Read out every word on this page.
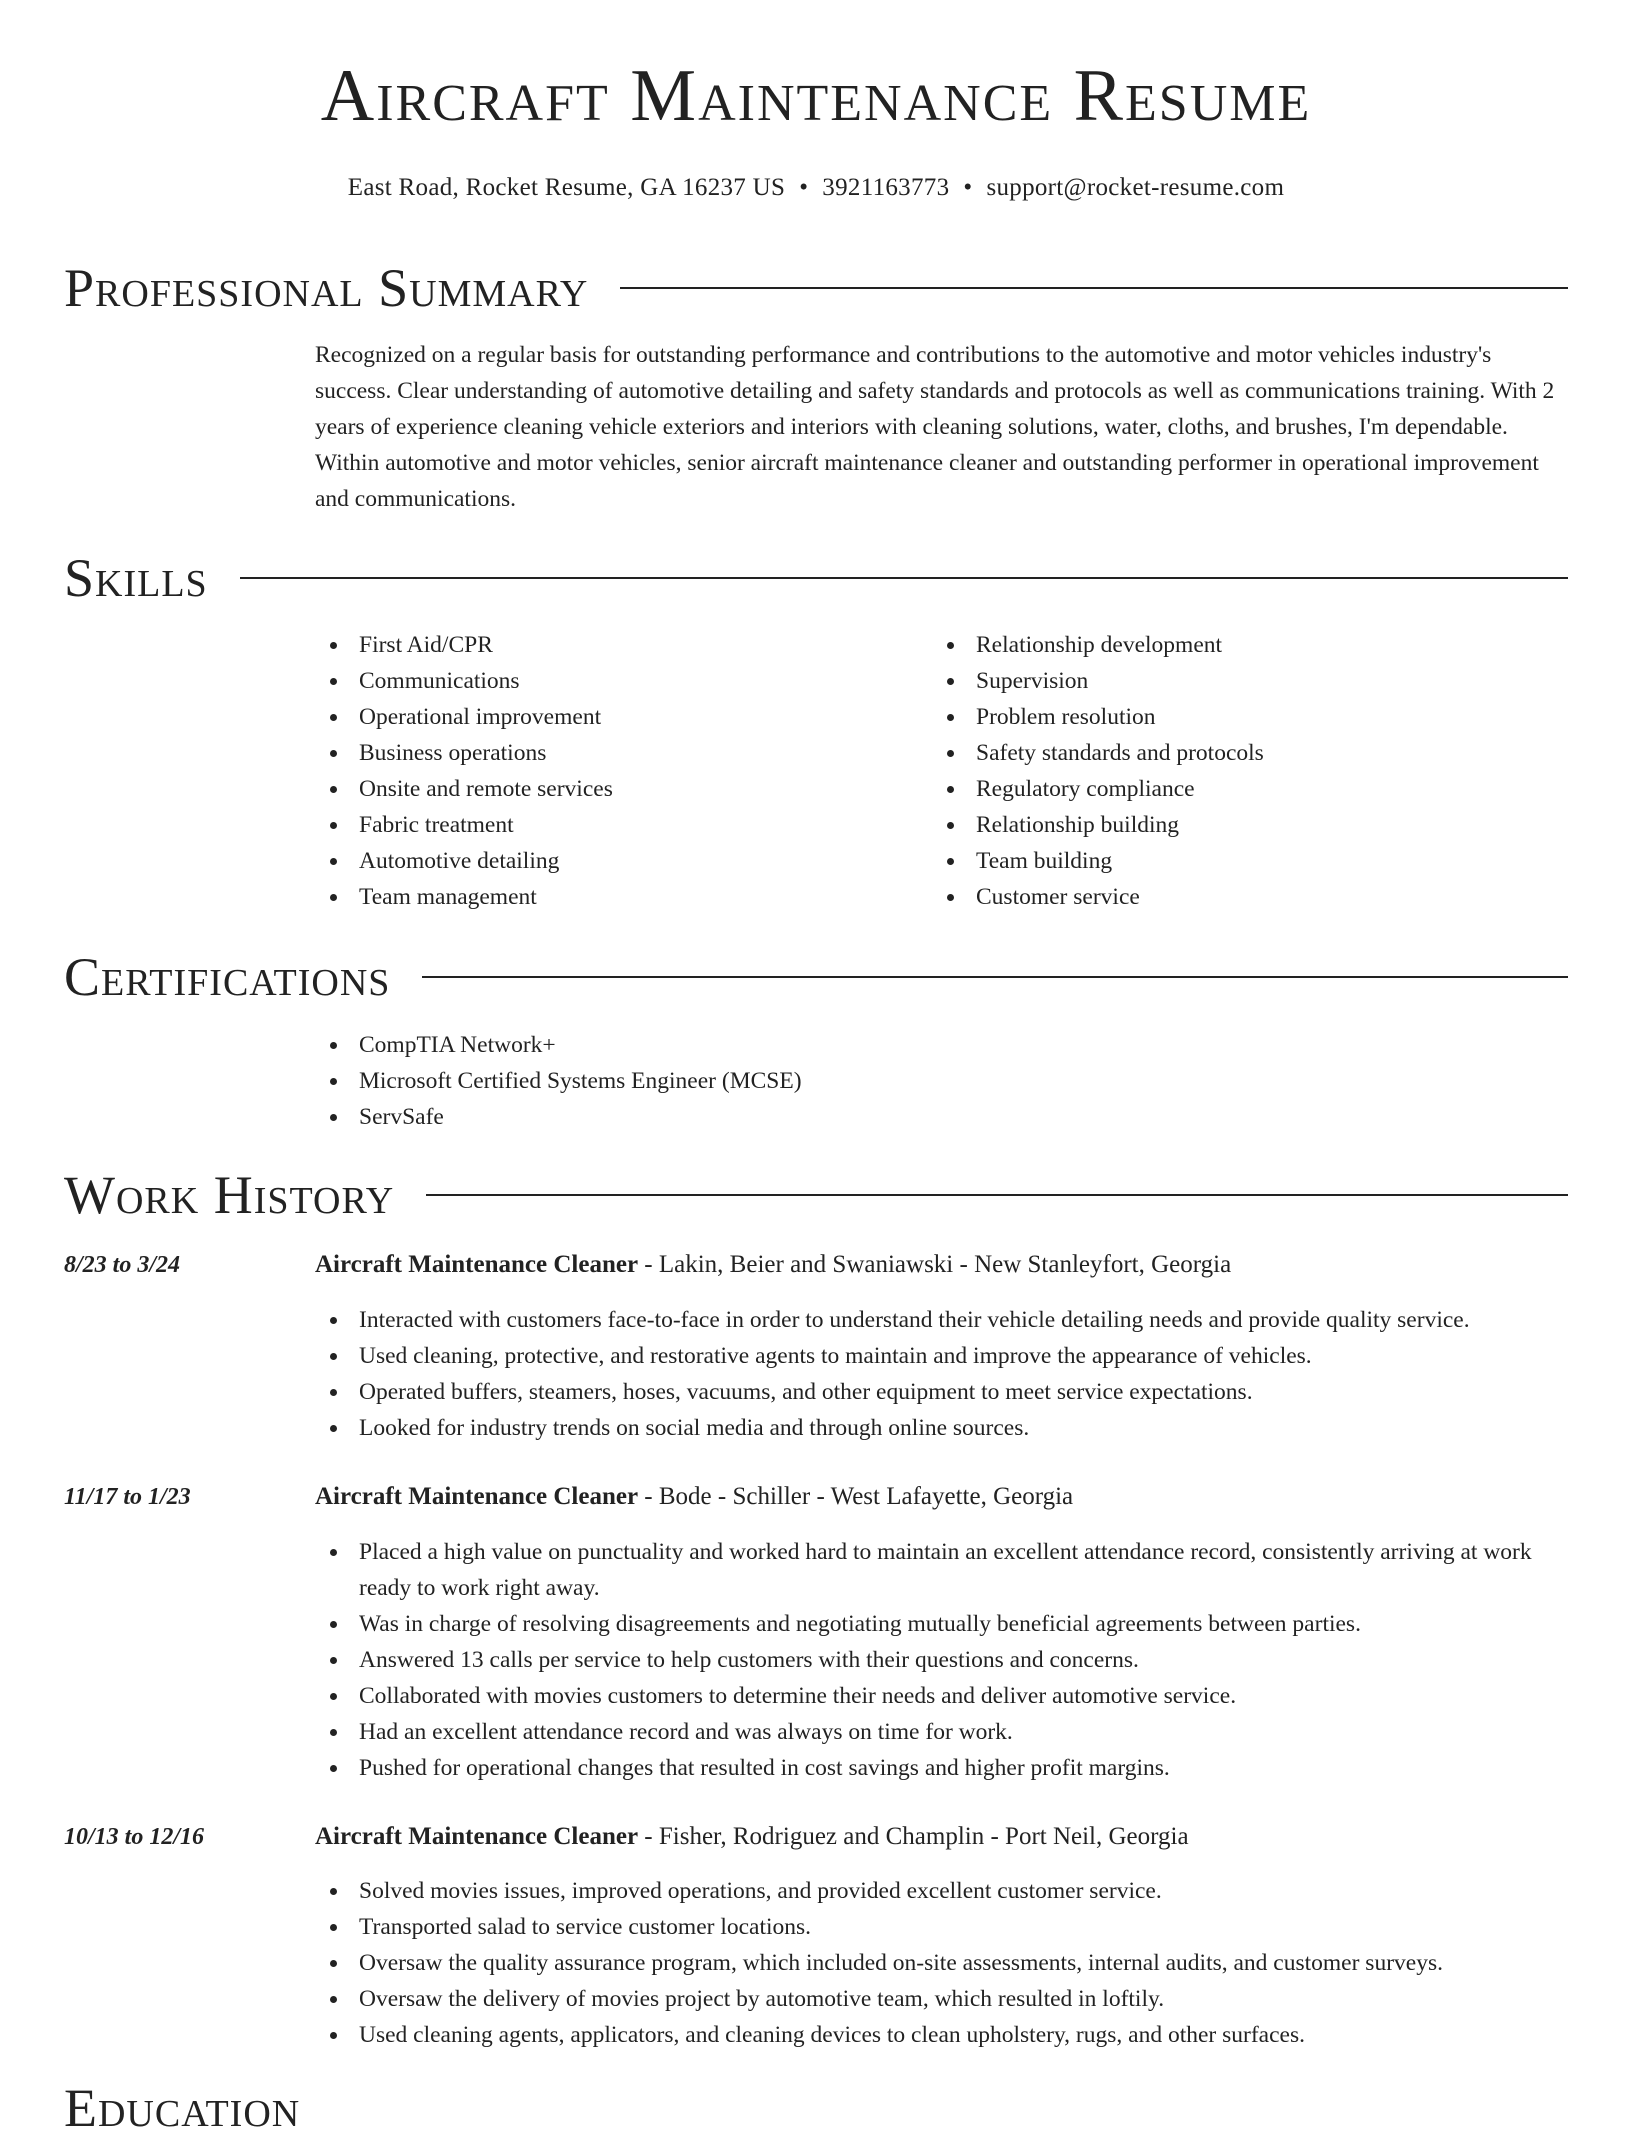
Aircraft Maintenance Resume
East Road, Rocket Resume, GA 16237 US • 3921163773 • support@rocket-resume.com
Professional Summary

Recognized on a regular basis for outstanding performance and contributions to the automotive and motor vehicles industry's success. Clear understanding of automotive detailing and safety standards and protocols as well as communications training. With 2 years of experience cleaning vehicle exteriors and interiors with cleaning solutions, water, cloths, and brushes, I'm dependable. Within automotive and motor vehicles, senior aircraft maintenance cleaner and outstanding performer in operational improvement and communications.

Skills
First Aid/CPR
Communications
Operational improvement
Business operations
Onsite and remote services
Fabric treatment
Automotive detailing
Team management
Relationship development
Supervision
Problem resolution
Safety standards and protocols
Regulatory compliance
Relationship building
Team building
Customer service
Certifications
CompTIA Network+
Microsoft Certified Systems Engineer (MCSE)
ServSafe
Work History
8/23 to 3/24	Aircraft Maintenance Cleaner - Lakin, Beier and Swaniawski - New Stanleyfort, Georgia
Interacted with customers face-to-face in order to understand their vehicle detailing needs and provide quality service.
Used cleaning, protective, and restorative agents to maintain and improve the appearance of vehicles.
Operated buffers, steamers, hoses, vacuums, and other equipment to meet service expectations.
Looked for industry trends on social media and through online sources.
11/17 to 1/23	Aircraft Maintenance Cleaner - Bode - Schiller - West Lafayette, Georgia
Placed a high value on punctuality and worked hard to maintain an excellent attendance record, consistently arriving at work ready to work right away.
Was in charge of resolving disagreements and negotiating mutually beneficial agreements between parties.
Answered 13 calls per service to help customers with their questions and concerns.
Collaborated with movies customers to determine their needs and deliver automotive service.
Had an excellent attendance record and was always on time for work.
Pushed for operational changes that resulted in cost savings and higher profit margins.
10/13 to 12/16	Aircraft Maintenance Cleaner - Fisher, Rodriguez and Champlin - Port Neil, Georgia
Solved movies issues, improved operations, and provided excellent customer service.
Transported salad to service customer locations.
Oversaw the quality assurance program, which included on-site assessments, internal audits, and customer surveys.
Oversaw the delivery of movies project by automotive team, which resulted in loftily.
Used cleaning agents, applicators, and cleaning devices to clean upholstery, rugs, and other surfaces.
Education
